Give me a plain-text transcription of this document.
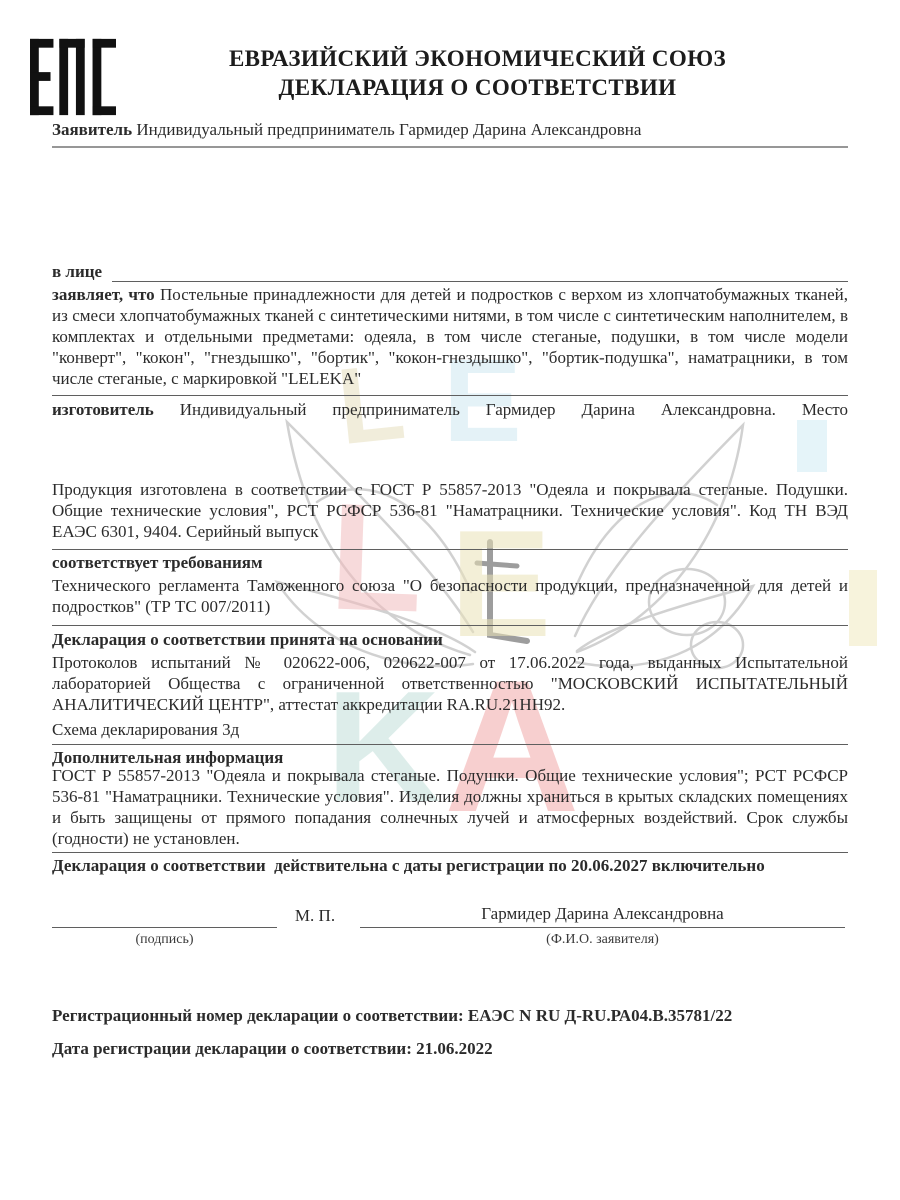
L E
L E
K A
ЕВРАЗИЙСКИЙ ЭКОНОМИЧЕСКИЙ СОЮЗ
ДЕКЛАРАЦИЯ О СООТВЕТСТВИИ
Заявитель Индивидуальный предприниматель Гармидер Дарина Александровна
в лице
заявляет, что Постельные принадлежности для детей и подростков с верхом из хлопчатобумажных тканей, из смеси хлопчатобумажных тканей с синтетическими нитями, в том числе с синтетическим наполнителем, в комплектах и отдельными предметами: одеяла, в том числе стеганые, подушки, в том числе модели "конверт", "кокон", "гнездышко", "бортик", "кокон-гнездышко", "бортик-подушка", наматрацники, в том числе стеганые, с маркировкой "LELEKA"
изготовитель Индивидуальный предприниматель Гармидер Дарина Александровна. Место
Продукция изготовлена в соответствии с ГОСТ Р 55857-2013 "Одеяла и покрывала стеганые. Подушки. Общие технические условия", РСТ РСФСР 536-81 "Наматрацники. Технические условия". Код ТН ВЭД ЕАЭС 6301, 9404. Серийный выпуск
соответствует требованиям
Технического регламента Таможенного союза "О безопасности продукции, предназначенной для детей и подростков" (ТР ТС 007/2011)
Декларация о соответствии принята на основании
Протоколов испытаний № 020622-006, 020622-007 от 17.06.2022 года, выданных Испытательной лабораторией Общества с ограниченной ответственностью "МОСКОВСКИЙ ИСПЫТАТЕЛЬНЫЙ АНАЛИТИЧЕСКИЙ ЦЕНТР", аттестат аккредитации RA.RU.21НН92.
Схема декларирования 3д
Дополнительная информация
ГОСТ Р 55857-2013 "Одеяла и покрывала стеганые. Подушки. Общие технические условия"; РСТ РСФСР 536-81 "Наматрацники. Технические условия". Изделия должны храниться в крытых складских помещениях и быть защищены от прямого попадания солнечных лучей и атмосферных воздействий. Срок службы (годности) не установлен.
Декларация о соответствии  действительна с даты регистрации по 20.06.2027 включительно
(подпись)
М. П.	Гармидер Дарина Александровна
(Ф.И.О. заявителя)
Регистрационный номер декларации о соответствии: ЕАЭС N RU Д-RU.РА04.В.35781/22
Дата регистрации декларации о соответствии: 21.06.2022
